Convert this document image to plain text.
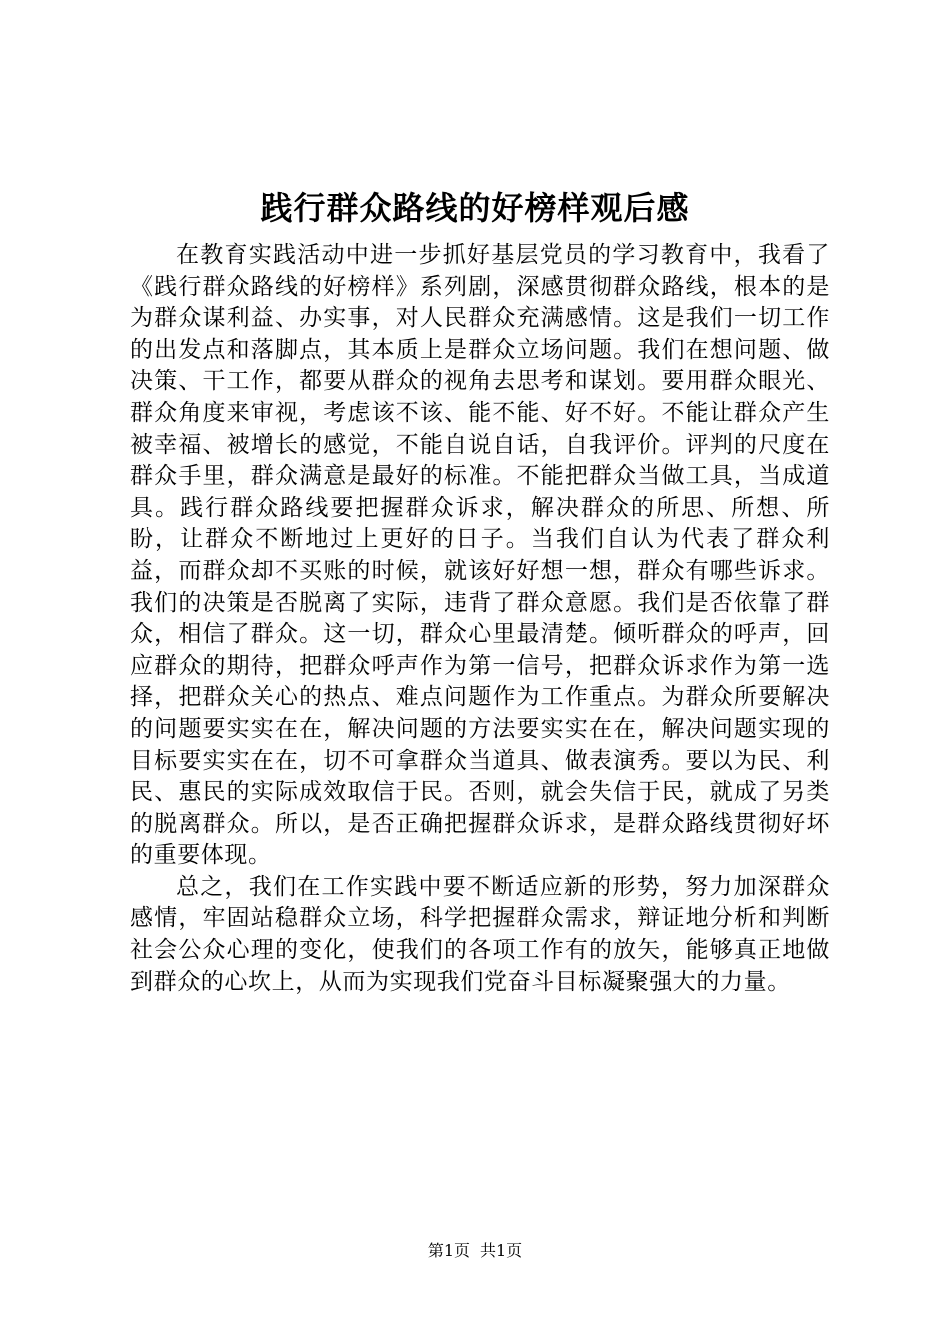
践行群众路线的好榜样观后感

在教育实践活动中进一步抓好基层党员的学习教育中，我看了《践行群众路线的好榜样》系列剧，深感贯彻群众路线，根本的是为群众谋利益、办实事，对人民群众充满感情。这是我们一切工作的出发点和落脚点，其本质上是群众立场问题。我们在想问题、做决策、干工作，都要从群众的视角去思考和谋划。要用群众眼光、群众角度来审视，考虑该不该、能不能、好不好。不能让群众产生被幸福、被增长的感觉，不能自说自话，自我评价。评判的尺度在群众手里，群众满意是最好的标准。不能把群众当做工具，当成道具。践行群众路线要把握群众诉求，解决群众的所思、所想、所盼，让群众不断地过上更好的日子。当我们自认为代表了群众利益，而群众却不买账的时候，就该好好想一想，群众有哪些诉求。我们的决策是否脱离了实际，违背了群众意愿。我们是否依靠了群众，相信了群众。这一切，群众心里最清楚。倾听群众的呼声，回应群众的期待，把群众呼声作为第一信号，把群众诉求作为第一选择，把群众关心的热点、难点问题作为工作重点。为群众所要解决的问题要实实在在，解决问题的方法要实实在在，解决问题实现的目标要实实在在，切不可拿群众当道具、做表演秀。要以为民、利民、惠民的实际成效取信于民。否则，就会失信于民，就成了另类的脱离群众。所以，是否正确把握群众诉求，是群众路线贯彻好坏的重要体现。

总之，我们在工作实践中要不断适应新的形势，努力加深群众感情，牢固站稳群众立场，科学把握群众需求，辩证地分析和判断社会公众心理的变化，使我们的各项工作有的放矢，能够真正地做到群众的心坎上，从而为实现我们党奋斗目标凝聚强大的力量。

第1页 共1页
